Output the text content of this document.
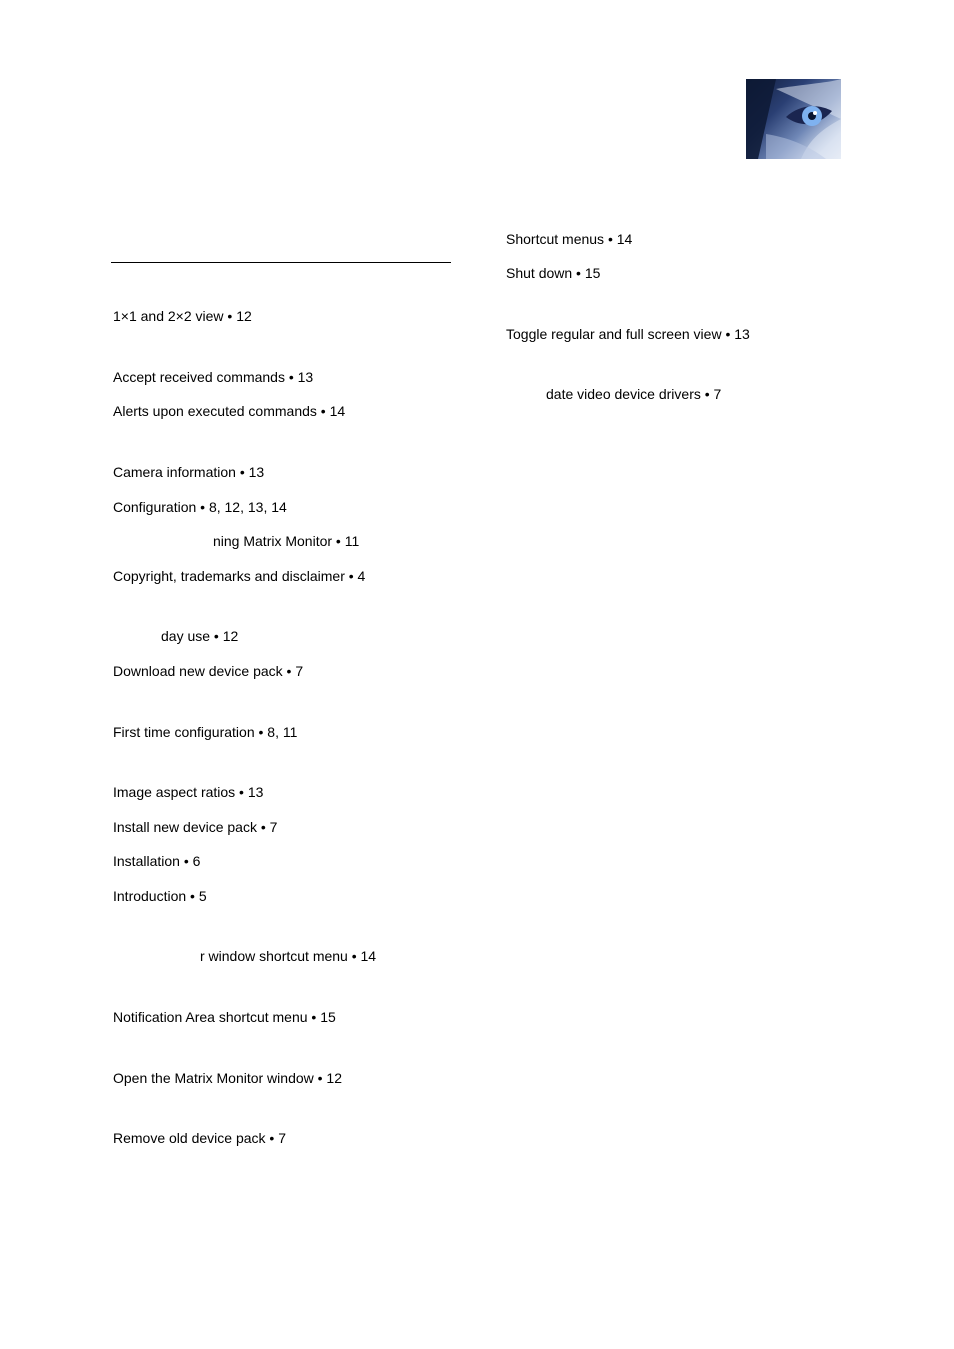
1×1 and 2×2 view • 12
Accept received commands • 13
Alerts upon executed commands • 14
Camera information • 13
Configuration • 8, 12, 13, 14
ning Matrix Monitor • 11
Copyright, trademarks and disclaimer • 4
day use • 12
Download new device pack • 7
First time configuration • 8, 11
Image aspect ratios • 13
Install new device pack • 7
Installation • 6
Introduction • 5
r window shortcut menu • 14
Notification Area shortcut menu • 15
Open the Matrix Monitor window • 12
Remove old device pack • 7
Shortcut menus • 14
Shut down • 15
Toggle regular and full screen view • 13
date video device drivers • 7
